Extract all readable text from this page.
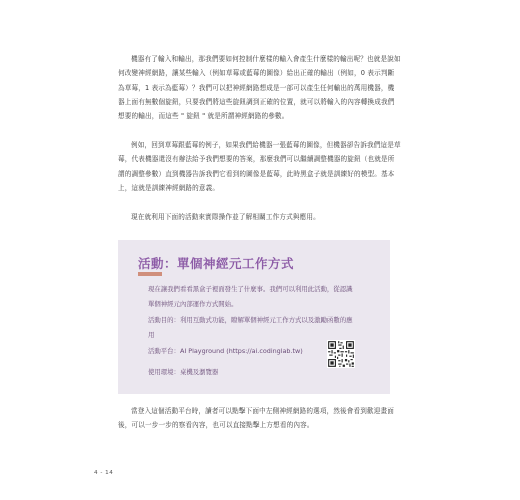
機器有了輸入和輸出，那我們要如何控制什麼樣的輸入會產生什麼樣的輸出呢？也就是說如何改變神經網路，讓某些輸入（例如草莓或藍莓的圖像）給出正確的輸出（例如，0 表示判斷為草莓，1 表示為藍莓）？我們可以把神經網路想成是一部可以產生任何輸出的萬用機器，機器上面有無數個旋鈕，只要我們將這些旋鈕調到正確的位置，就可以將輸入的內容轉換成我們想要的輸出，而這些 " 旋鈕 " 就是所謂神經網路的參數。

例如，回到草莓跟藍莓的例子，如果我們給機器一張藍莓的圖像，但機器卻告訴我們這是草莓，代表機器還沒有辦法給予我們想要的答案，那麼我們可以繼續調整機器的旋鈕（也就是所謂的調整參數）直到機器告訴我們它看到的圖像是藍莓，此時黑盒子就是訓練好的模型。基本上，這就是訓練神經網路的意義。

現在就利用下面的活動來實際操作並了解相關工作方式與應用。

活動：單個神經元工作方式

現在讓我們看看黑盒子裡面發生了什麼事。我們可以利用此活動，從認識單個神經元內部運作方式開始。

活動目的：利用互動式功能，瞭解單個神經元工作方式以及激勵函數的應用

活動平台：AI Playground (https://ai.codinglab.tw)

使用環境：桌機及瀏覽器

當登入這個活動平台時，讀者可以點擊下面中左側神經網路的選項，然後會看到歡迎畫面後，可以一步一步的察看內容，也可以直接點擊上方想看的內容。

4 - 14
